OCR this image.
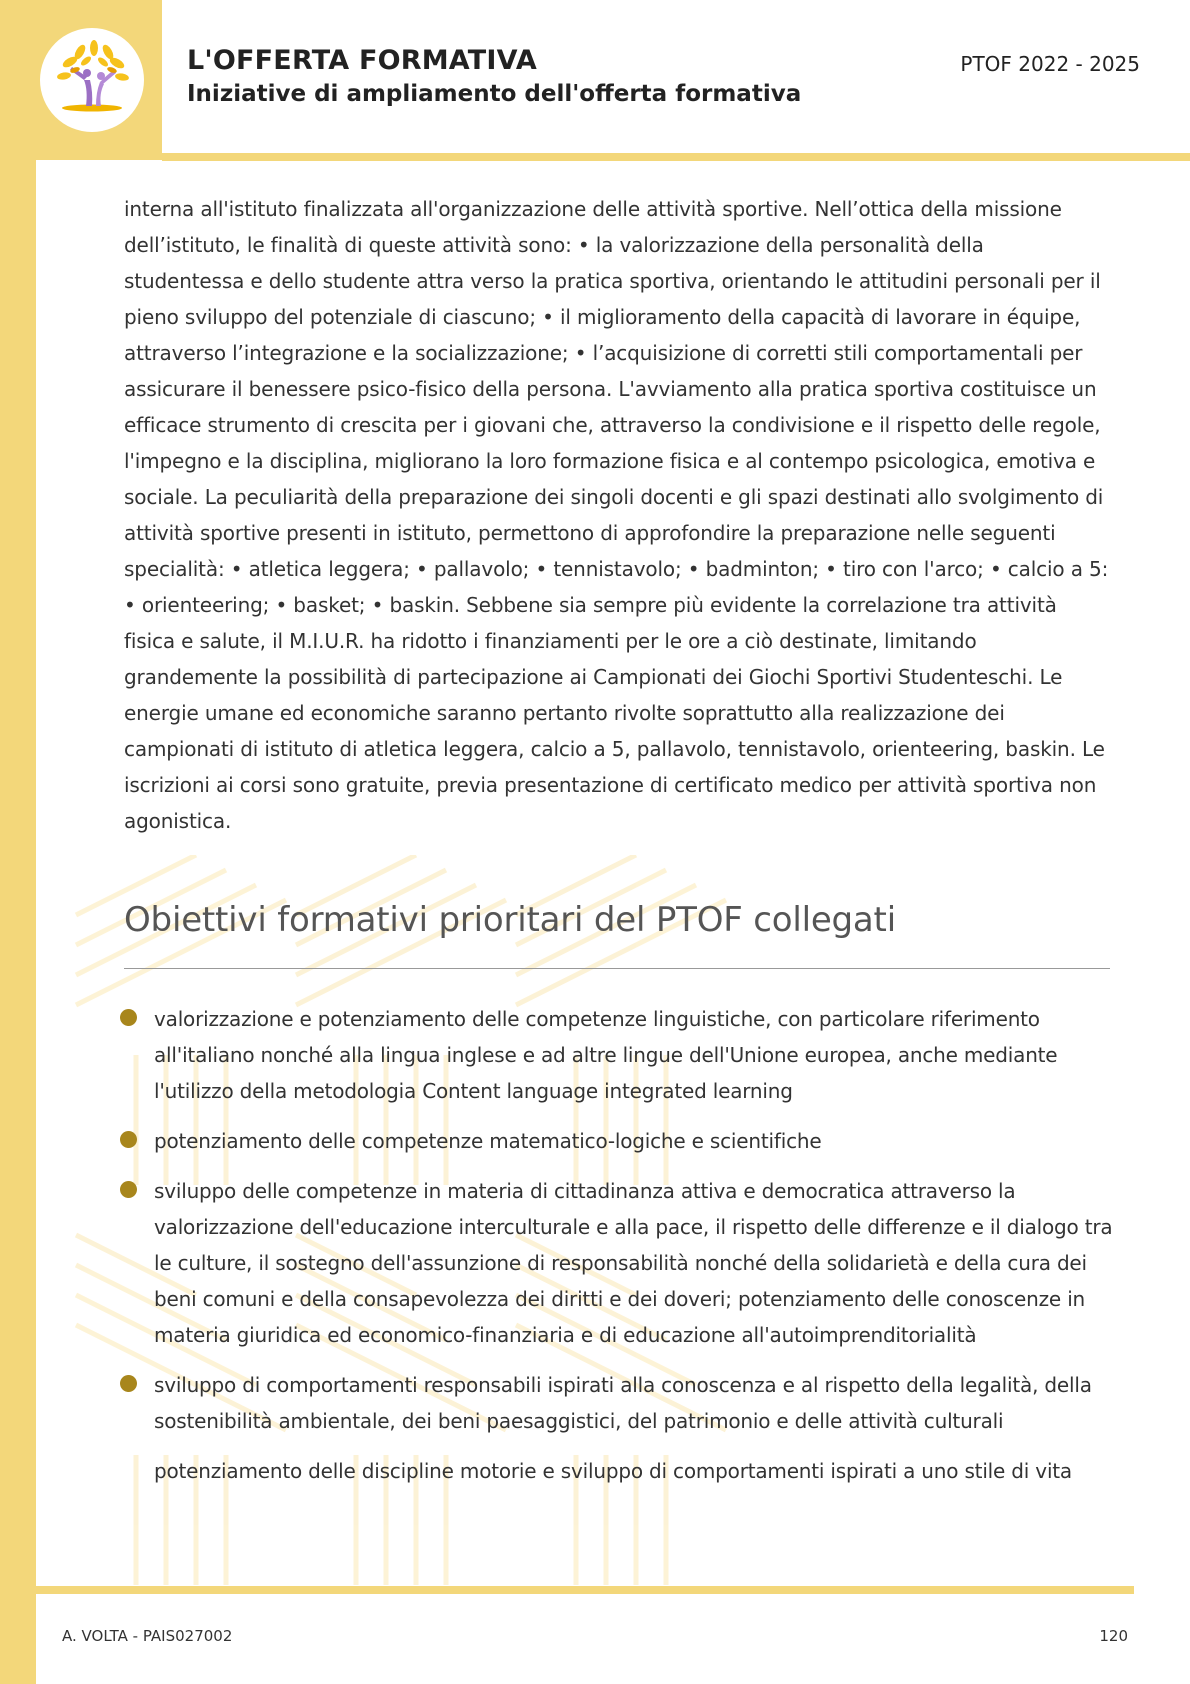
L'OFFERTA FORMATIVA
Iniziative di ampliamento dell'offerta formativa

PTOF 2022 - 2025

interna all'istituto finalizzata all'organizzazione delle attività sportive. Nell’ottica della missione dell’istituto, le finalità di queste attività sono: • la valorizzazione della personalità della studentessa e dello studente attra verso la pratica sportiva, orientando le attitudini personali per il pieno sviluppo del potenziale di ciascuno; • il miglioramento della capacità di lavorare in équipe, attraverso l’integrazione e la socializzazione; • l’acquisizione di corretti stili comportamentali per assicurare il benessere psico-fisico della persona. L'avviamento alla pratica sportiva costituisce un efficace strumento di crescita per i giovani che, attraverso la condivisione e il rispetto delle regole, l'impegno e la disciplina, migliorano la loro formazione fisica e al contempo psicologica, emotiva e sociale. La peculiarità della preparazione dei singoli docenti e gli spazi destinati allo svolgimento di attività sportive presenti in istituto, permettono di approfondire la preparazione nelle seguenti specialità: • atletica leggera; • pallavolo; • tennistavolo; • badminton; • tiro con l'arco; • calcio a 5: • orienteering; • basket; • baskin. Sebbene sia sempre più evidente la correlazione tra attività fisica e salute, il M.I.U.R. ha ridotto i finanziamenti per le ore a ciò destinate, limitando grandemente la possibilità di partecipazione ai Campionati dei Giochi Sportivi Studenteschi. Le energie umane ed economiche saranno pertanto rivolte soprattutto alla realizzazione dei campionati di istituto di atletica leggera, calcio a 5, pallavolo, tennistavolo, orienteering, baskin. Le iscrizioni ai corsi sono gratuite, previa presentazione di certificato medico per attività sportiva non agonistica.

Obiettivi formativi prioritari del PTOF collegati
valorizzazione e potenziamento delle competenze linguistiche, con particolare riferimento all'italiano nonché alla lingua inglese e ad altre lingue dell'Unione europea, anche mediante l'utilizzo della metodologia Content language integrated learning
potenziamento delle competenze matematico-logiche e scientifiche
sviluppo delle competenze in materia di cittadinanza attiva e democratica attraverso la valorizzazione dell'educazione interculturale e alla pace, il rispetto delle differenze e il dialogo tra le culture, il sostegno dell'assunzione di responsabilità nonché della solidarietà e della cura dei beni comuni e della consapevolezza dei diritti e dei doveri; potenziamento delle conoscenze in materia giuridica ed economico-finanziaria e di educazione all'autoimprenditorialità
sviluppo di comportamenti responsabili ispirati alla conoscenza e al rispetto della legalità, della sostenibilità ambientale, dei beni paesaggistici, del patrimonio e delle attività culturali
potenziamento delle discipline motorie e sviluppo di comportamenti ispirati a uno stile di vita

A. VOLTA - PAIS027002	120
